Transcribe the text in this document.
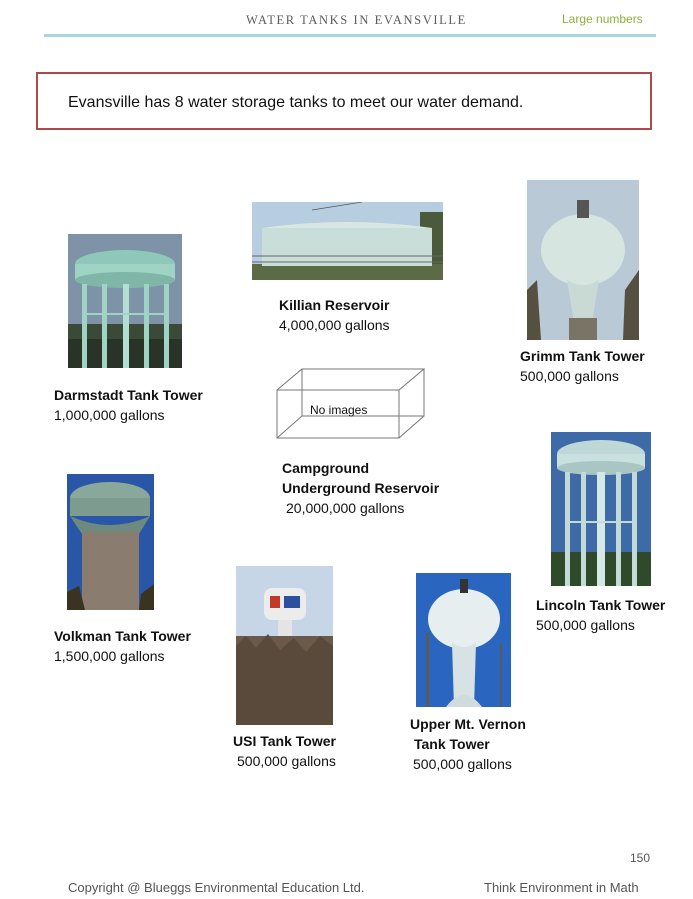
WATER TANKS IN EVANSVILLE	Large numbers
Evansville has 8 water storage tanks to meet our water demand.
Darmstadt Tank Tower
1,000,000 gallons
Killian Reservoir
4,000,000 gallons
Grimm Tank Tower
500,000 gallons
No images
Campground
Underground Reservoir
20,000,000 gallons
Lincoln Tank Tower
500,000 gallons
Volkman Tank Tower
1,500,000 gallons
USI Tank Tower
500,000 gallons
Upper Mt. Vernon
Tank Tower
500,000 gallons
150
Copyright @ Blueggs Environmental Education Ltd.	Think Environment in Math
